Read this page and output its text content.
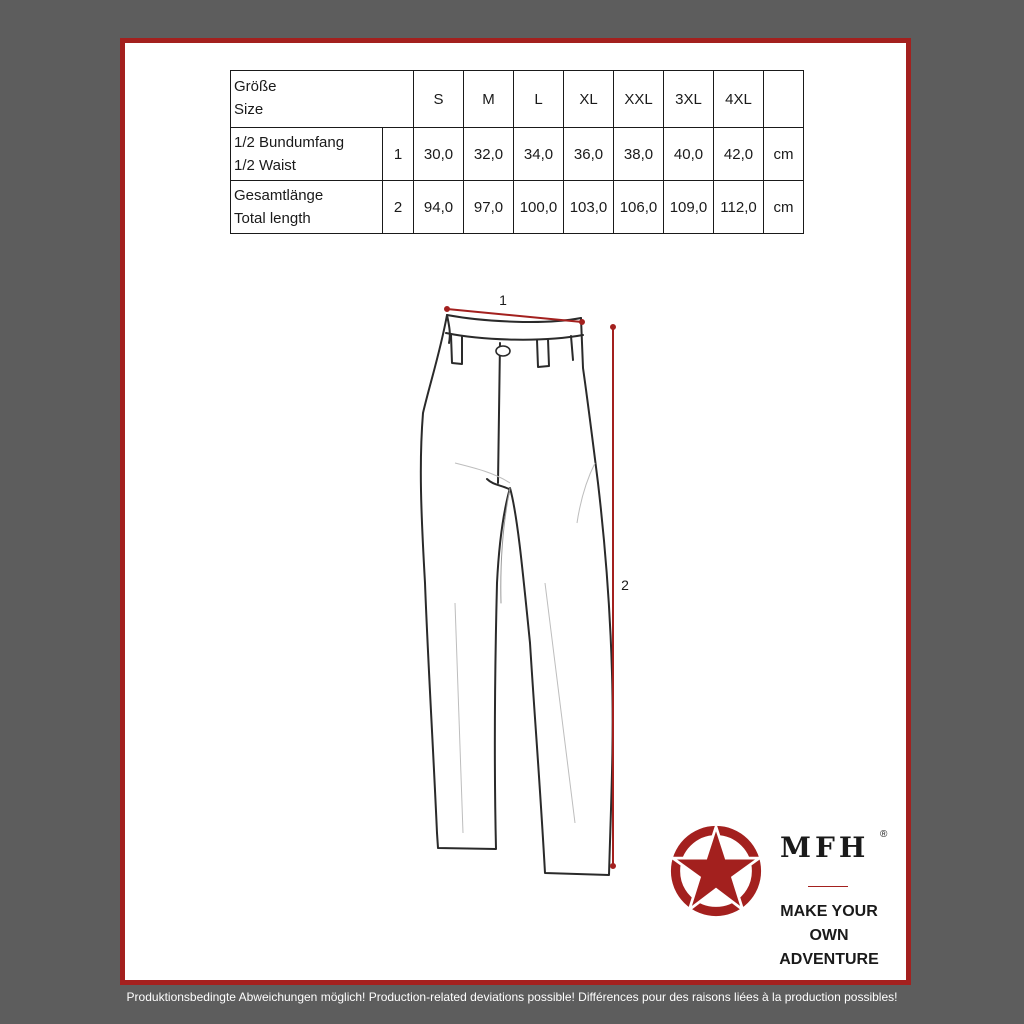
Größe
Size		S	M	L	XL	XXL	3XL	4XL	

1/2 Bundumfang
1/2 Waist	1	30,0	32,0	34,0	36,0	38,0	40,0	42,0	cm

Gesamtlänge
Total length	2	94,0	97,0	100,0	103,0	106,0	109,0	112,0	cm
1
2
MFH ®
MAKE YOUR OWN
ADVENTURE
Produktionsbedingte Abweichungen möglich! Production-related deviations possible! Différences pour des raisons liées à la production possibles!
